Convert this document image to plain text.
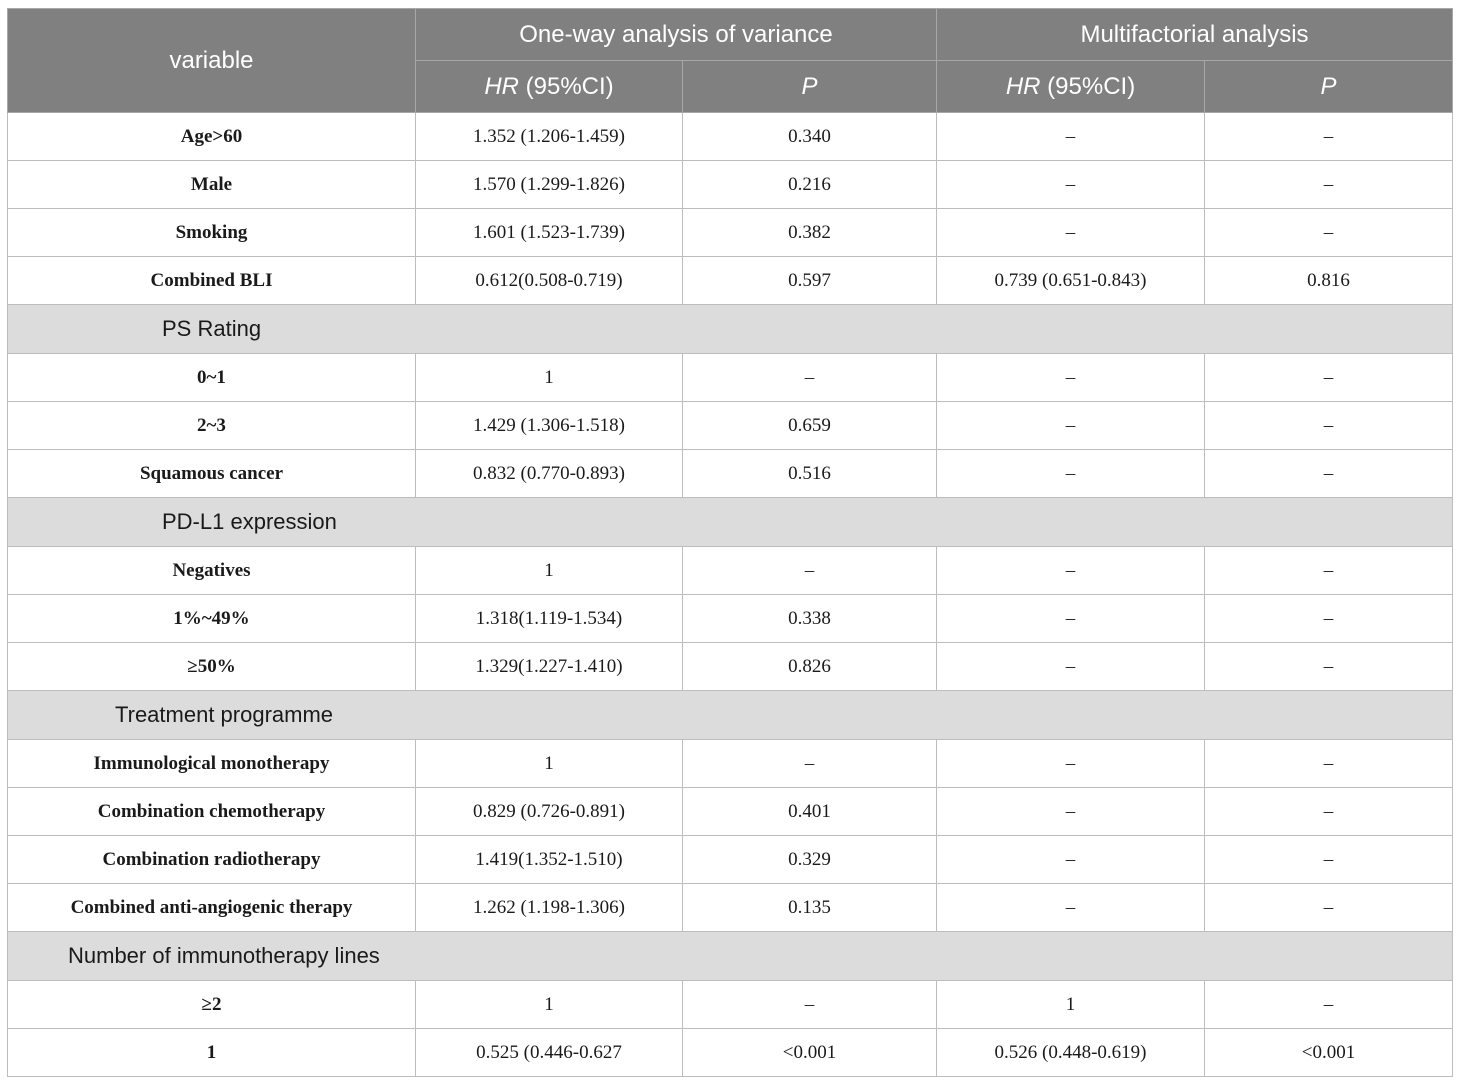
variable	One-way analysis of variance		Multifactorial analysis	
	HR (95%CI)	P	HR (95%CI)	P
Age>60	1.352 (1.206-1.459)	0.340	–	–
Male	1.570 (1.299-1.826)	0.216	–	–
Smoking	1.601 (1.523-1.739)	0.382	–	–
Combined BLI	0.612(0.508-0.719)	0.597	0.739 (0.651-0.843)	0.816
PS Rating				
0~1	1	–	–	–
2~3	1.429 (1.306-1.518)	0.659	–	–
Squamous cancer	0.832 (0.770-0.893)	0.516	–	–
PD-L1 expression				
Negatives	1	–	–	–
1%~49%	1.318(1.119-1.534)	0.338	–	–
≥50%	1.329(1.227-1.410)	0.826	–	–
Treatment programme				
Immunological monotherapy	1	–	–	–
Combination chemotherapy	0.829 (0.726-0.891)	0.401	–	–
Combination radiotherapy	1.419(1.352-1.510)	0.329	–	–
Combined anti-angiogenic therapy	1.262 (1.198-1.306)	0.135	–	–
Number of immunotherapy lines				
≥2	1	–	1	–
1	0.525 (0.446-0.627	<0.001	0.526 (0.448-0.619)	<0.001
